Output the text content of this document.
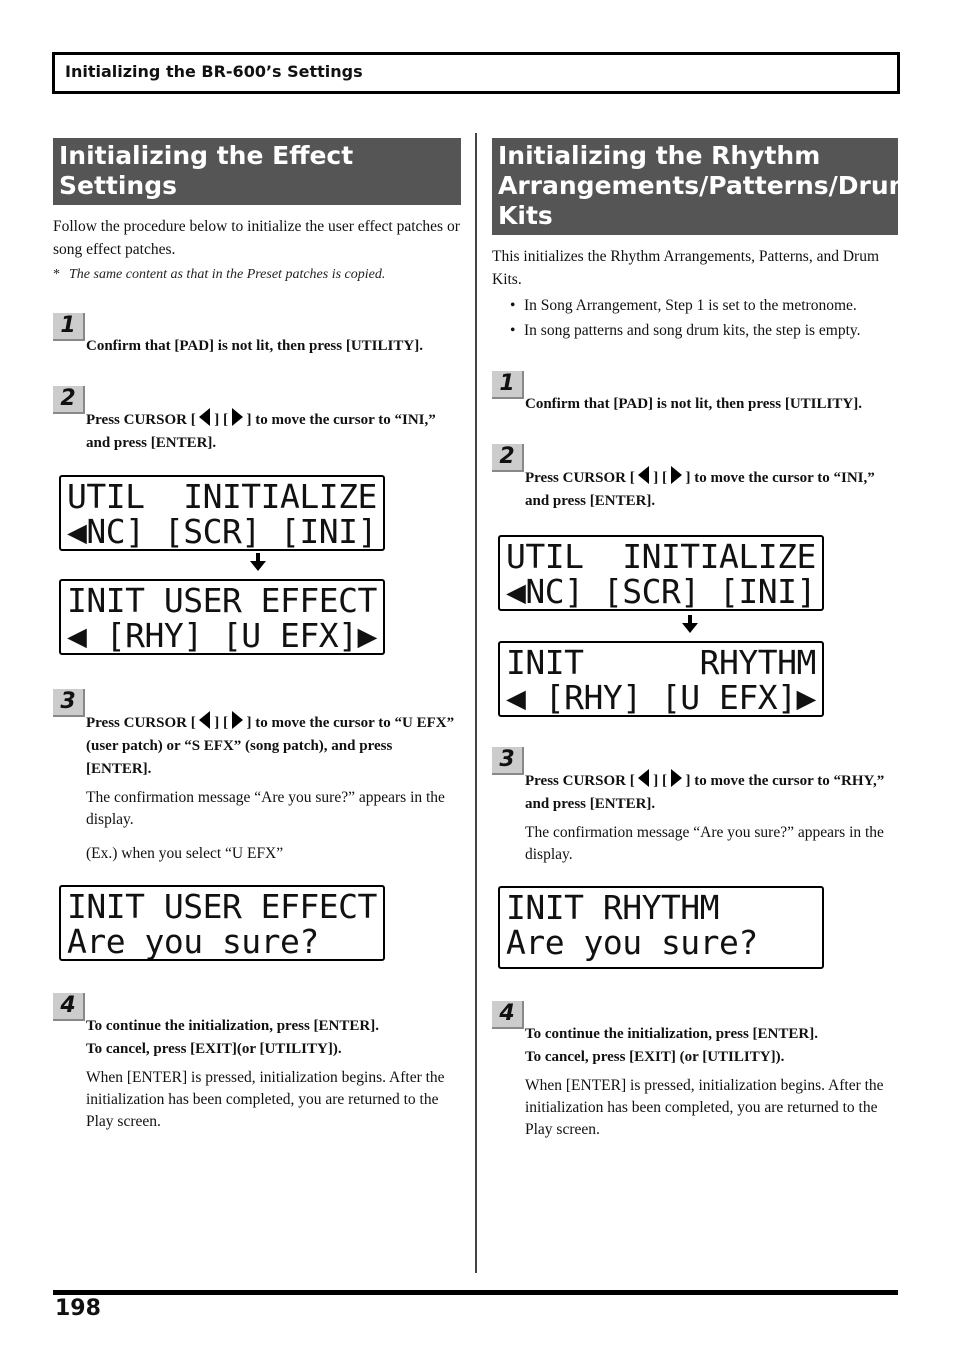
Initializing the BR-600’s Settings
Initializing the Effect Settings

Follow the procedure below to initialize the user effect patches or song effect patches.

* The same content as that in the Preset patches is copied.

1

Confirm that [PAD] is not lit, then press [UTILITY].

2

Press CURSOR [ ] [ ] to move the cursor to “INI,” and press [ENTER].

UTIL  INITIALIZE
◀NC] [SCR] [INI]
INIT USER EFFECT
◀ [RHY] [U EFX]▶
3

Press CURSOR [ ] [ ] to move the cursor to “U EFX” (user patch) or “S EFX” (song patch), and press [ENTER].

The confirmation message “Are you sure?” appears in the display.

(Ex.) when you select “U EFX”

INIT USER EFFECT
Are you sure?
4

To continue the initialization, press [ENTER].

To cancel, press [EXIT](or [UTILITY]).

When [ENTER] is pressed, initialization begins. After the initialization has been completed, you are returned to the Play screen.

Initializing the Rhythm Arrangements/Patterns/Drum Kits

This initializes the Rhythm Arrangements, Patterns, and Drum Kits.

• In Song Arrangement, Step 1 is set to the metronome.
• In song patterns and song drum kits, the step is empty.
1

Confirm that [PAD] is not lit, then press [UTILITY].

2

Press CURSOR [ ] [ ] to move the cursor to “INI,” and press [ENTER].

UTIL  INITIALIZE
◀NC] [SCR] [INI]
INIT      RHYTHM
◀ [RHY] [U EFX]▶
3

Press CURSOR [ ] [ ] to move the cursor to “RHY,” and press [ENTER].

The confirmation message “Are you sure?” appears in the display.

INIT RHYTHM
Are you sure?
4

To continue the initialization, press [ENTER].

To cancel, press [EXIT] (or [UTILITY]).

When [ENTER] is pressed, initialization begins. After the initialization has been completed, you are returned to the Play screen.

198
